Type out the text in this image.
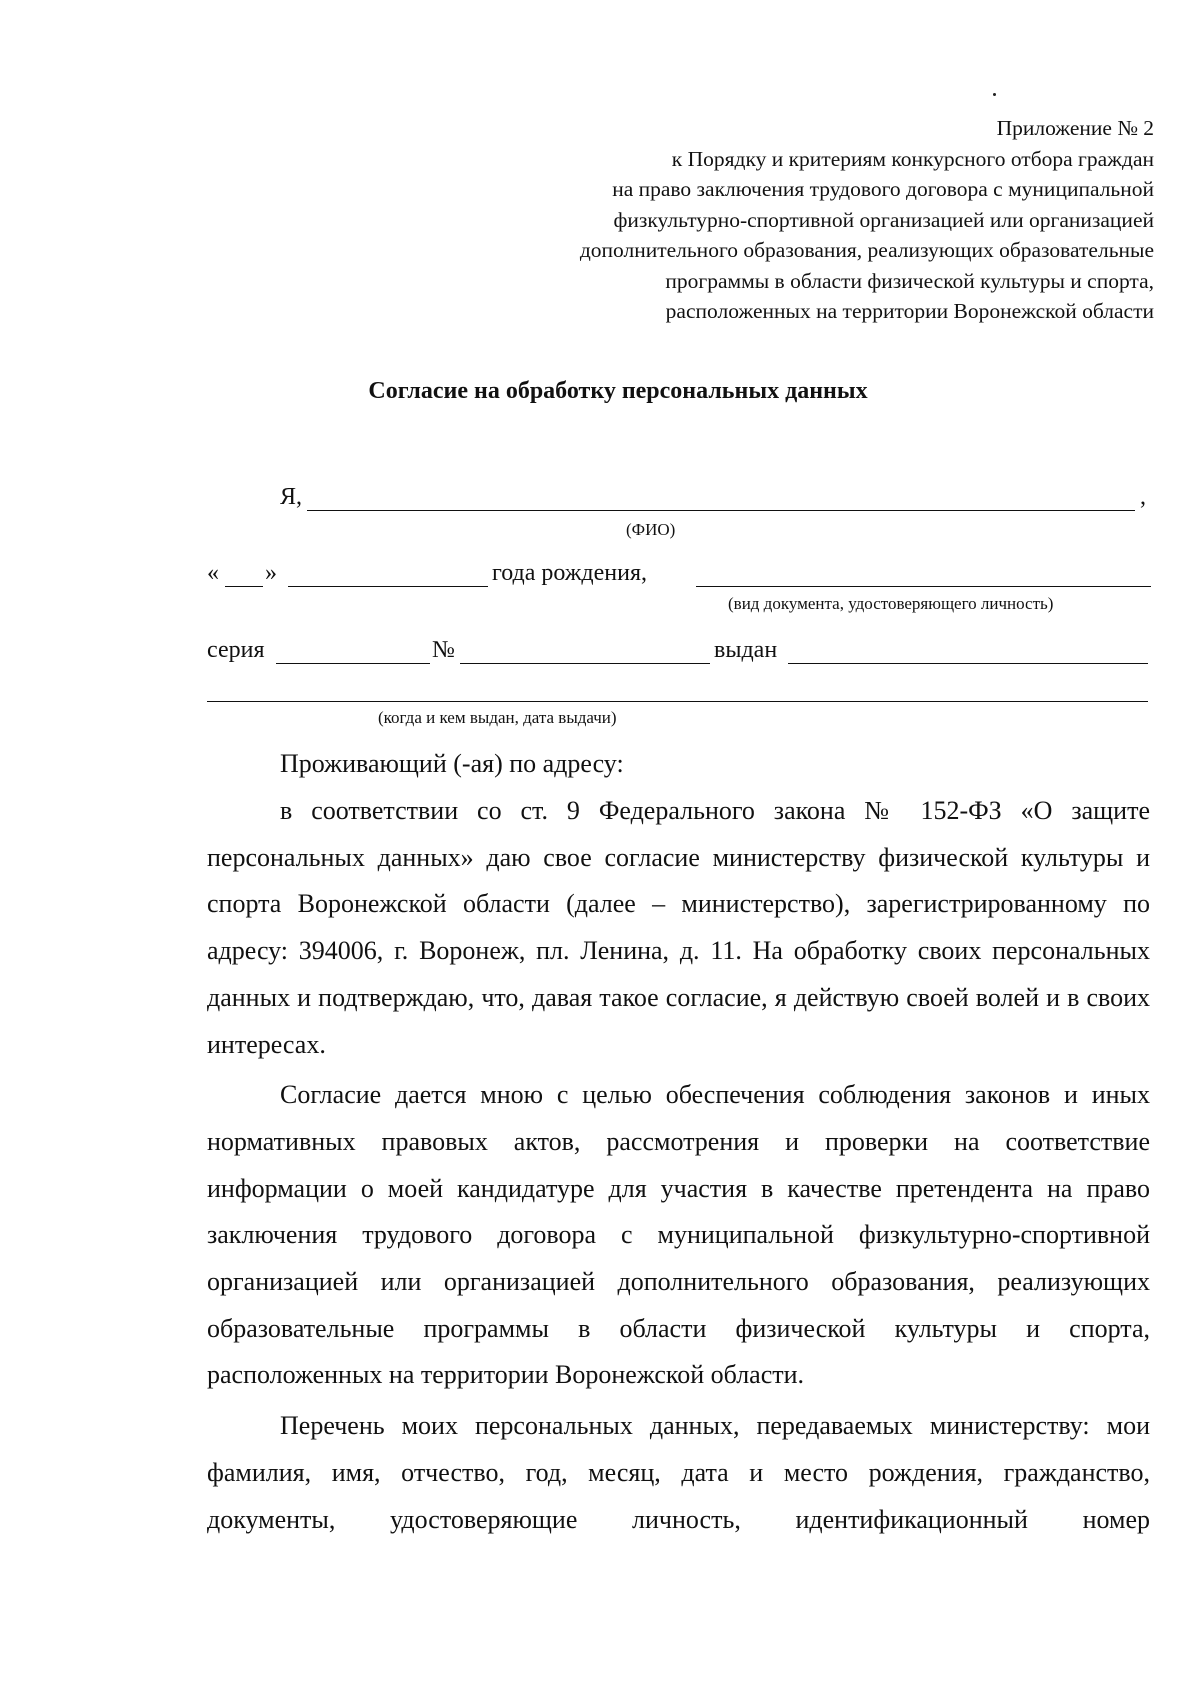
Приложение № 2
к Порядку и критериям конкурсного отбора граждан
на право заключения трудового договора с муниципальной
физкультурно-спортивной организацией или организацией
дополнительного образования, реализующих образовательные
программы в области физической культуры и спорта,
расположенных на территории Воронежской области
Согласие на обработку персональных данных
Я,	,
(ФИО)
« »	года рождения,
(вид документа, удостоверяющего личность)
серия	№	выдан
(когда и кем выдан, дата выдачи)

Проживающий (-ая) по адресу:

в соответствии со ст. 9 Федерального закона № 152-ФЗ «О защите персональных данных» даю свое согласие министерству физической культуры и спорта Воронежской области (далее – министерство), зарегистрированному по адресу: 394006, г. Воронеж, пл. Ленина, д. 11. На обработку своих персональных данных и подтверждаю, что, давая такое согласие, я действую своей волей и в своих интересах.

Согласие дается мною с целью обеспечения соблюдения законов и иных нормативных правовых актов, рассмотрения и проверки на соответствие информации о моей кандидатуре для участия в качестве претендента на право заключения трудового договора с муниципальной физкультурно-спортивной организацией или организацией дополнительного образования, реализующих образовательные программы в области физической культуры и спорта, расположенных на территории Воронежской области.

Перечень моих персональных данных, передаваемых министерству: мои фамилия, имя, отчество, год, месяц, дата и место рождения, гражданство, документы, удостоверяющие личность, идентификационный номер
